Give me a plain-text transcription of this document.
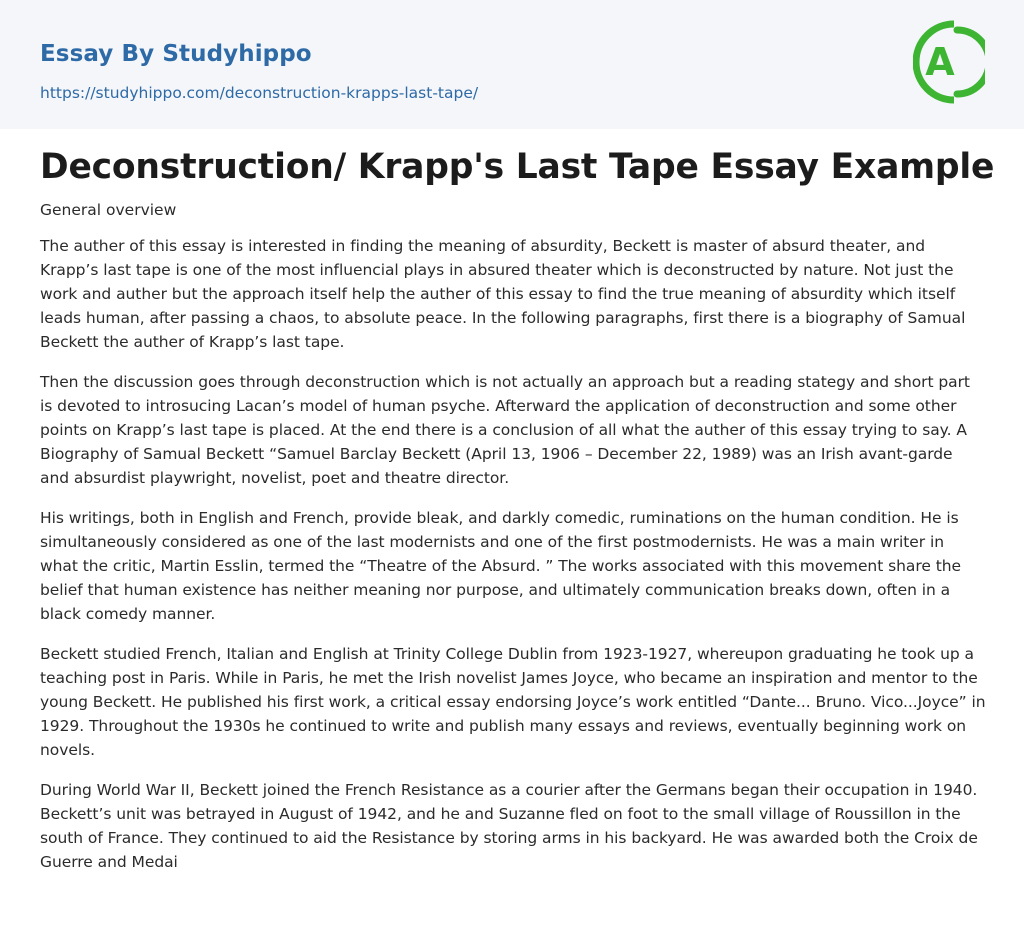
Essay By Studyhippo
https://studyhippo.com/deconstruction-krapps-last-tape/
A
Deconstruction/ Krapp's Last Tape Essay Example

General overview

The auther of this essay is interested in finding the meaning of absurdity, Beckett is master of absurd theater, and Krapp’s last tape is one of the most influencial plays in absured theater which is deconstructed by nature. Not just the work and auther but the approach itself help the auther of this essay to find the true meaning of absurdity which itself leads human, after passing a chaos, to absolute peace. In the following paragraphs, first there is a biography of Samual Beckett the auther of Krapp’s last tape.

Then the discussion goes through deconstruction which is not actually an approach but a reading stategy and short part is devoted to introsucing Lacan’s model of human psyche. Afterward the application of deconstruction and some other points on Krapp’s last tape is placed. At the end there is a conclusion of all what the auther of this essay trying to say. A Biography of Samual Beckett “Samuel Barclay Beckett (April 13, 1906 – December 22, 1989) was an Irish avant-garde and absurdist playwright, novelist, poet and theatre director.

His writings, both in English and French, provide bleak, and darkly comedic, ruminations on the human condition. He is simultaneously considered as one of the last modernists and one of the first postmodernists. He was a main writer in what the critic, Martin Esslin, termed the “Theatre of the Absurd. ” The works associated with this movement share the belief that human existence has neither meaning nor purpose, and ultimately communication breaks down, often in a black comedy manner.

Beckett studied French, Italian and English at Trinity College Dublin from 1923-1927, whereupon graduating he took up a teaching post in Paris. While in Paris, he met the Irish novelist James Joyce, who became an inspiration and mentor to the young Beckett. He published his first work, a critical essay endorsing Joyce’s work entitled “Dante... Bruno. Vico...Joyce” in 1929. Throughout the 1930s he continued to write and publish many essays and reviews, eventually beginning work on novels.

During World War II, Beckett joined the French Resistance as a courier after the Germans began their occupation in 1940. Beckett’s unit was betrayed in August of 1942, and he and Suzanne fled on foot to the small village of Roussillon in the south of France. They continued to aid the Resistance by storing arms in his backyard. He was awarded both the Croix de Guerre and Medai
